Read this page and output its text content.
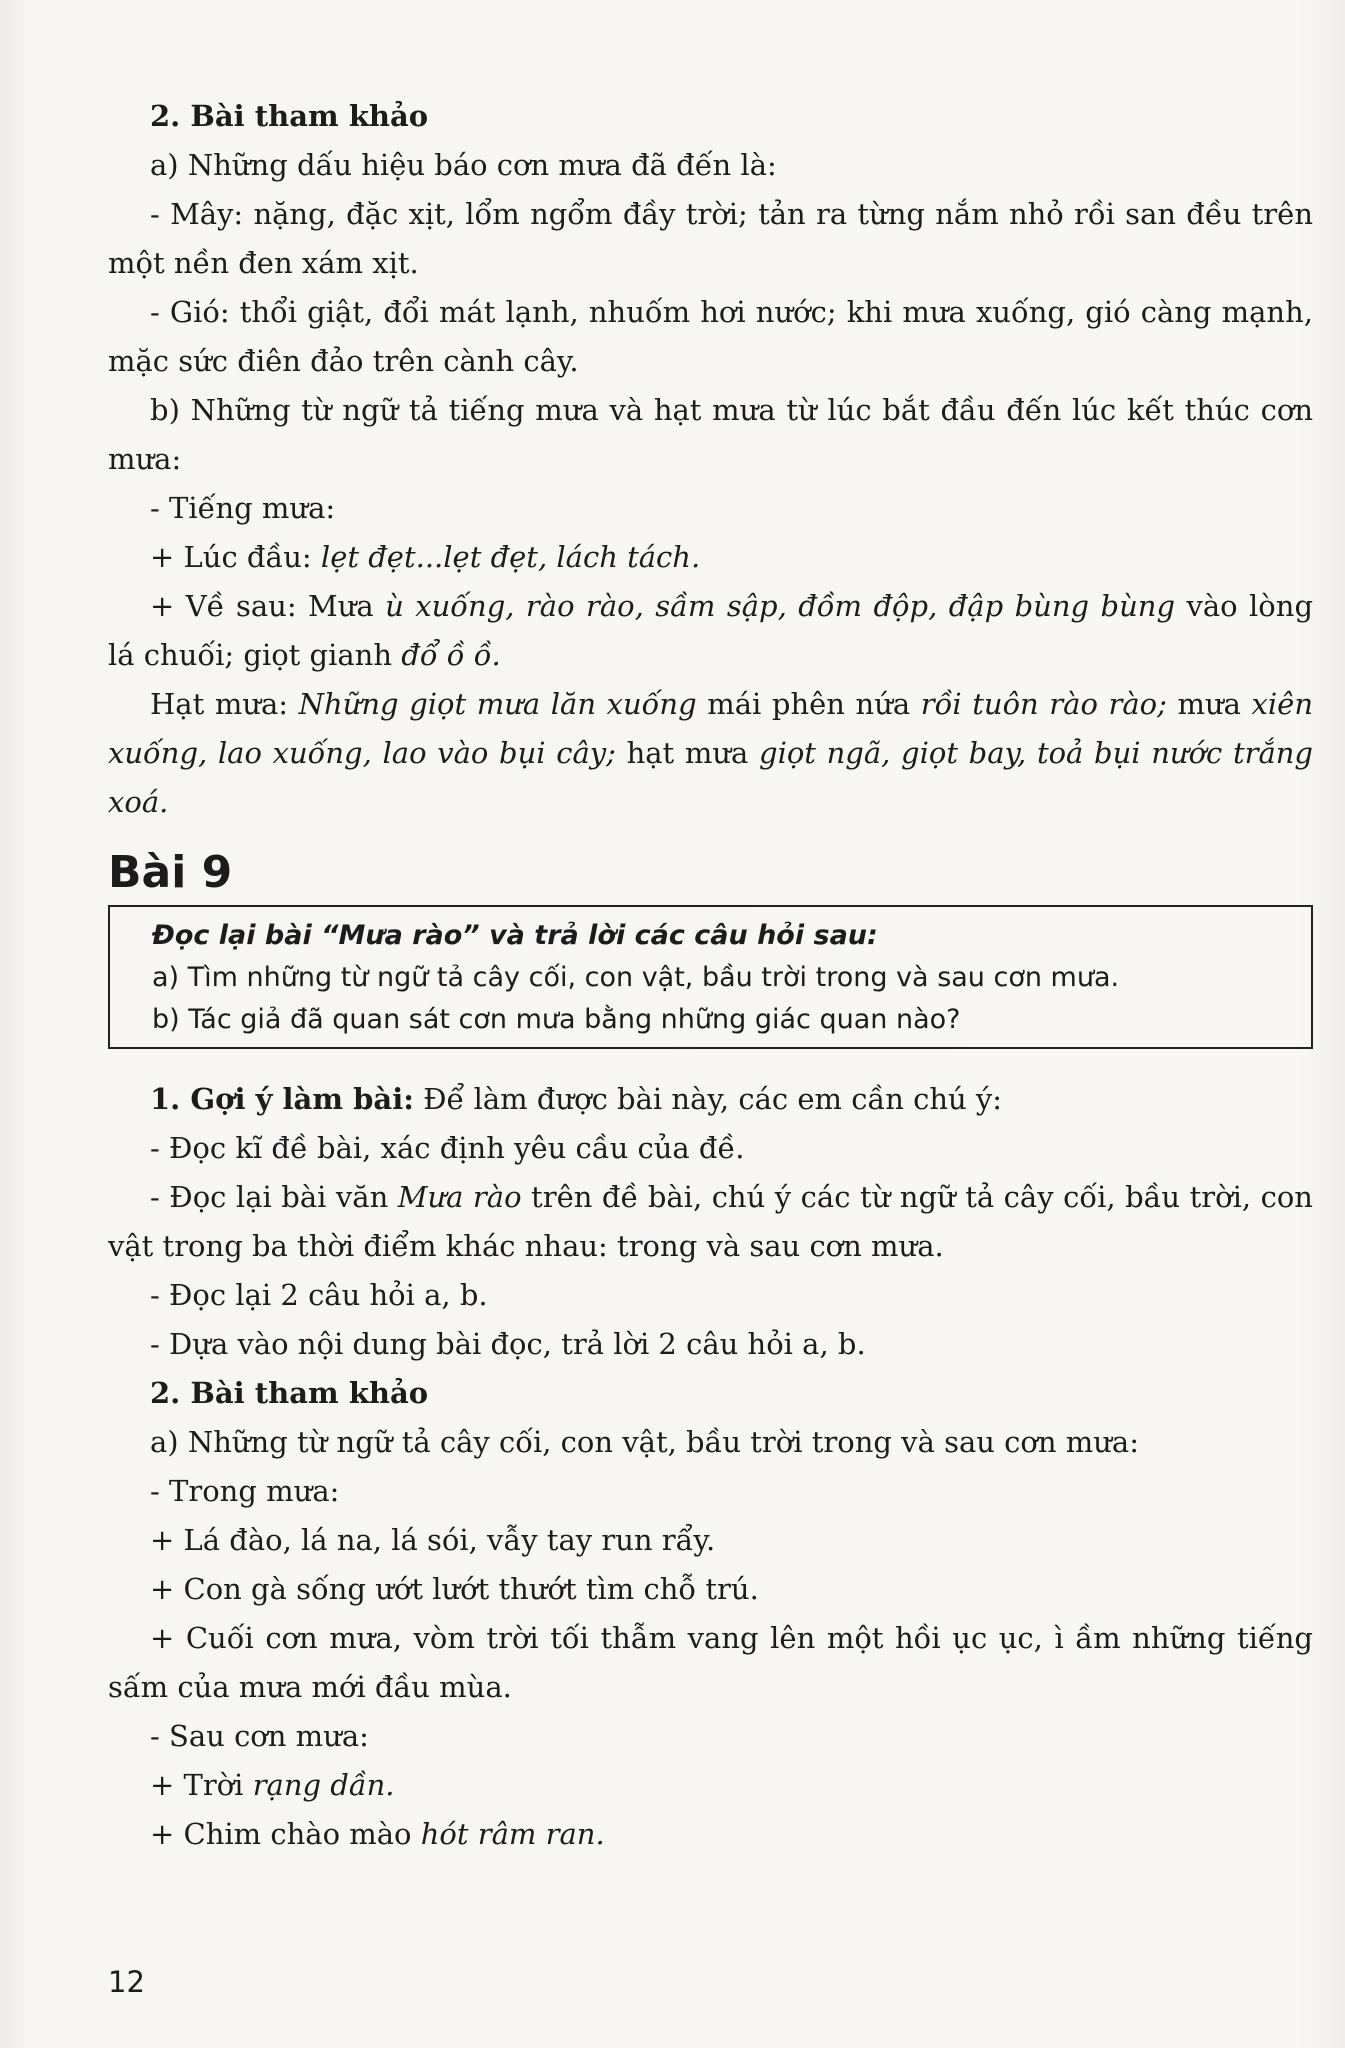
2. Bài tham khảo

a) Những dấu hiệu báo cơn mưa đã đến là:

- Mây: nặng, đặc xịt, lổm ngổm đầy trời; tản ra từng nắm nhỏ rồi san đều trên một nền đen xám xịt.

- Gió: thổi giật, đổi mát lạnh, nhuốm hơi nước; khi mưa xuống, gió càng mạnh, mặc sức điên đảo trên cành cây.

b) Những từ ngữ tả tiếng mưa và hạt mưa từ lúc bắt đầu đến lúc kết thúc cơn mưa:

- Tiếng mưa:

+ Lúc đầu: lẹt đẹt...lẹt đẹt, lách tách.

+ Về sau: Mưa ù xuống, rào rào, sầm sập, đồm độp, đập bùng bùng vào lòng lá chuối; giọt gianh đổ ồ ồ.

Hạt mưa: Những giọt mưa lăn xuống mái phên nứa rồi tuôn rào rào; mưa xiên xuống, lao xuống, lao vào bụi cây; hạt mưa giọt ngã, giọt bay, toả bụi nước trắng xoá.

Bài 9

Đọc lại bài “Mưa rào” và trả lời các câu hỏi sau:

a) Tìm những từ ngữ tả cây cối, con vật, bầu trời trong và sau cơn mưa.

b) Tác giả đã quan sát cơn mưa bằng những giác quan nào?

1. Gợi ý làm bài: Để làm được bài này, các em cần chú ý:

- Đọc kĩ đề bài, xác định yêu cầu của đề.

- Đọc lại bài văn Mưa rào trên đề bài, chú ý các từ ngữ tả cây cối, bầu trời, con vật trong ba thời điểm khác nhau: trong và sau cơn mưa.

- Đọc lại 2 câu hỏi a, b.

- Dựa vào nội dung bài đọc, trả lời 2 câu hỏi a, b.

2. Bài tham khảo

a) Những từ ngữ tả cây cối, con vật, bầu trời trong và sau cơn mưa:

- Trong mưa:

+ Lá đào, lá na, lá sói, vẫy tay run rẩy.

+ Con gà sống ướt lướt thướt tìm chỗ trú.

+ Cuối cơn mưa, vòm trời tối thẫm vang lên một hồi ục ục, ì ầm những tiếng sấm của mưa mới đầu mùa.

- Sau cơn mưa:

+ Trời rạng dần.

+ Chim chào mào hót râm ran.

12
